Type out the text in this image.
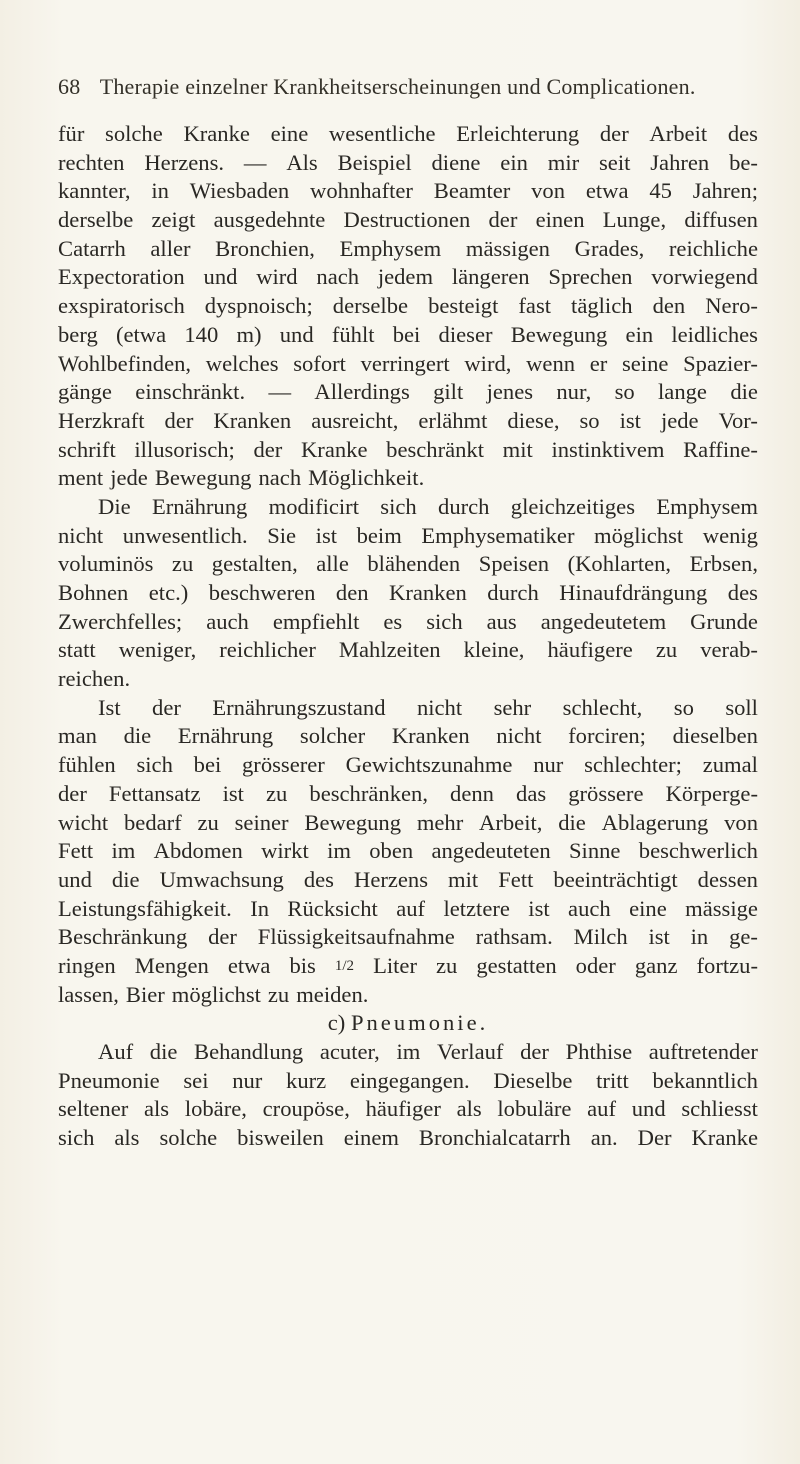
68 Therapie einzelner Krankheitserscheinungen und Complicationen.
für solche Kranke eine wesentliche Erleichterung der Arbeit des
rechten Herzens. — Als Beispiel diene ein mir seit Jahren be-
kannter, in Wiesbaden wohnhafter Beamter von etwa 45 Jahren;
derselbe zeigt ausgedehnte Destructionen der einen Lunge, diffusen
Catarrh aller Bronchien, Emphysem mässigen Grades, reichliche
Expectoration und wird nach jedem längeren Sprechen vorwiegend
exspiratorisch dyspnoisch; derselbe besteigt fast täglich den Nero-
berg (etwa 140 m) und fühlt bei dieser Bewegung ein leidliches
Wohlbefinden, welches sofort verringert wird, wenn er seine Spazier-
gänge einschränkt. — Allerdings gilt jenes nur, so lange die
Herzkraft der Kranken ausreicht, erlähmt diese, so ist jede Vor-
schrift illusorisch; der Kranke beschränkt mit instinktivem Raffine-
ment jede Bewegung nach Möglichkeit.
Die Ernährung modificirt sich durch gleichzeitiges Emphysem
nicht unwesentlich. Sie ist beim Emphysematiker möglichst wenig
voluminös zu gestalten, alle blähenden Speisen (Kohlarten, Erbsen,
Bohnen etc.) beschweren den Kranken durch Hinaufdrängung des
Zwerchfelles; auch empfiehlt es sich aus angedeutetem Grunde
statt weniger, reichlicher Mahlzeiten kleine, häufigere zu verab-
reichen.
Ist der Ernährungszustand nicht sehr schlecht, so soll
man die Ernährung solcher Kranken nicht forciren; dieselben
fühlen sich bei grösserer Gewichtszunahme nur schlechter; zumal
der Fettansatz ist zu beschränken, denn das grössere Körperge-
wicht bedarf zu seiner Bewegung mehr Arbeit, die Ablagerung von
Fett im Abdomen wirkt im oben angedeuteten Sinne beschwerlich
und die Umwachsung des Herzens mit Fett beeinträchtigt dessen
Leistungsfähigkeit. In Rücksicht auf letztere ist auch eine mässige
Beschränkung der Flüssigkeitsaufnahme rathsam. Milch ist in ge-
ringen Mengen etwa bis 1/2 Liter zu gestatten oder ganz fortzu-
lassen, Bier möglichst zu meiden.
c) Pneumonie.
Auf die Behandlung acuter, im Verlauf der Phthise auftretender
Pneumonie sei nur kurz eingegangen. Dieselbe tritt bekanntlich
seltener als lobäre, croupöse, häufiger als lobuläre auf und schliesst
sich als solche bisweilen einem Bronchialcatarrh an. Der Kranke
